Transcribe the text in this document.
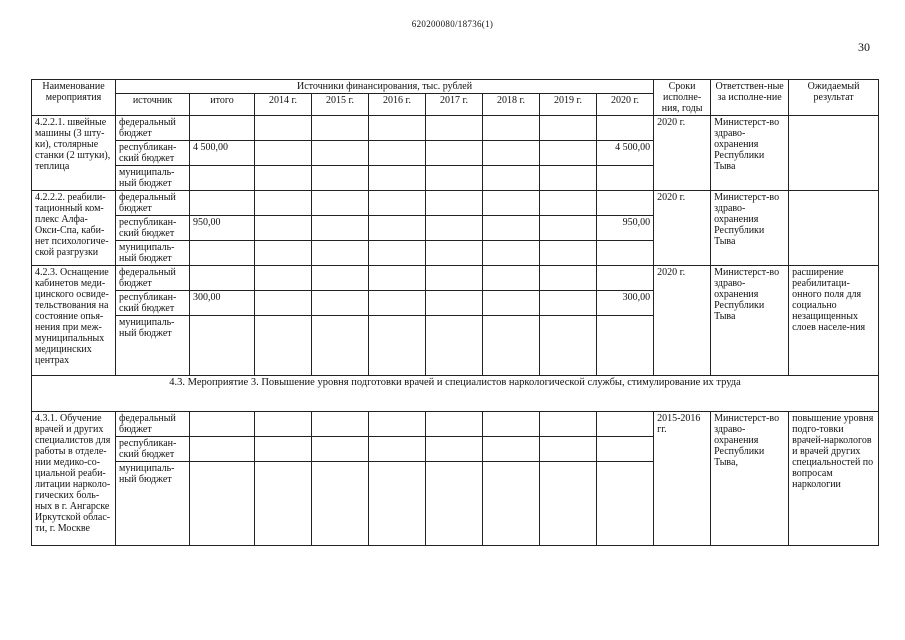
620200080/18736(1)
30
Наименование мероприятия	Источники финансирования, тыс. рублей									Сроки исполне-ния, годы	Ответствен-ные за исполне-ние	Ожидаемый результат
	источник	итого	2014 г.	2015 г.	2016 г.	2017 г.	2018 г.	2019 г.	2020 г.			
4.2.2.1. швейные машины (3 шту-ки), столярные станки (2 штуки), теплица	федеральный бюджет									2020 г.	Министерст-во здраво-охранения Республики Тыва	
	республикан-ский бюджет	4 500,00							4 500,00			
	муниципаль-ный бюджет											
4.2.2.2. реабили-тационный ком-плекс Алфа-Окси-Спа, каби-нет психологиче-ской разгрузки	федеральный бюджет									2020 г.	Министерст-во здраво-охранения Республики Тыва	
	республикан-ский бюджет	950,00							950,00			
	муниципаль-ный бюджет											
4.2.3. Оснащение кабинетов меди-цинского освиде-тельствования на состояние опья-нения при меж-муниципальных медицинских центрах	федеральный бюджет									2020 г.	Министерст-во здраво-охранения Республики Тыва	расширение реабилитаци-онного поля для социально незащищенных слоев населе-ния
	республикан-ский бюджет	300,00							300,00			
	муниципаль-ный бюджет											
4.3. Мероприятие 3. Повышение уровня подготовки врачей и специалистов наркологической службы, стимулирование их труда												
4.3.1. Обучение врачей и других специалистов для работы в отделе-нии медико-со-циальной реаби-литации нарколо-гических боль-ных в г. Ангарске Иркутской облас-ти, г. Москве	федеральный бюджет									2015-2016 гг.	Министерст-во здраво-охранения Республики Тыва,	повышение уровня подго-товки врачей-наркологов и врачей других специальностей по вопросам наркологии
	республикан-ский бюджет											
	муниципаль-ный бюджет											
